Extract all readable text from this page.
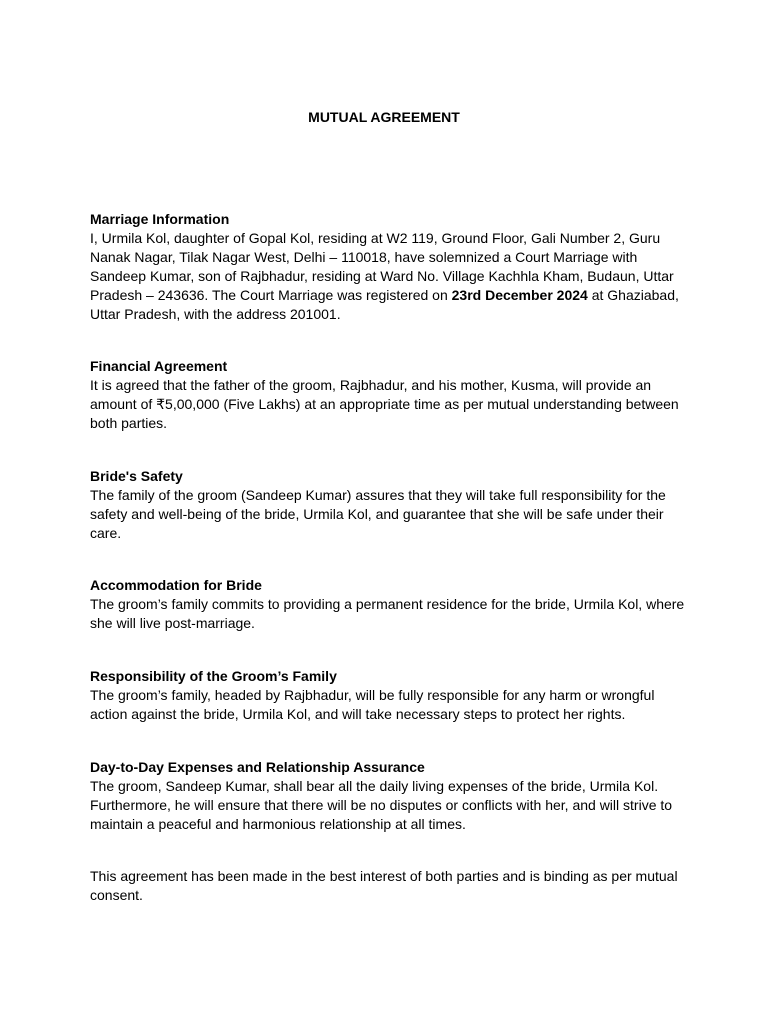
MUTUAL AGREEMENT

Marriage Information

I, Urmila Kol, daughter of Gopal Kol, residing at W2 119, Ground Floor, Gali Number 2, Guru Nanak Nagar, Tilak Nagar West, Delhi – 110018, have solemnized a Court Marriage with Sandeep Kumar, son of Rajbhadur, residing at Ward No. Village Kachhla Kham, Budaun, Uttar Pradesh – 243636. The Court Marriage was registered on 23rd December 2024 at Ghaziabad, Uttar Pradesh, with the address 201001.

Financial Agreement

It is agreed that the father of the groom, Rajbhadur, and his mother, Kusma, will provide an amount of ₹5,00,000 (Five Lakhs) at an appropriate time as per mutual understanding between both parties.

Bride's Safety

The family of the groom (Sandeep Kumar) assures that they will take full responsibility for the safety and well-being of the bride, Urmila Kol, and guarantee that she will be safe under their care.

Accommodation for Bride

The groom’s family commits to providing a permanent residence for the bride, Urmila Kol, where she will live post-marriage.

Responsibility of the Groom’s Family

The groom’s family, headed by Rajbhadur, will be fully responsible for any harm or wrongful action against the bride, Urmila Kol, and will take necessary steps to protect her rights.

Day-to-Day Expenses and Relationship Assurance

The groom, Sandeep Kumar, shall bear all the daily living expenses of the bride, Urmila Kol. Furthermore, he will ensure that there will be no disputes or conflicts with her, and will strive to maintain a peaceful and harmonious relationship at all times.

This agreement has been made in the best interest of both parties and is binding as per mutual consent.
